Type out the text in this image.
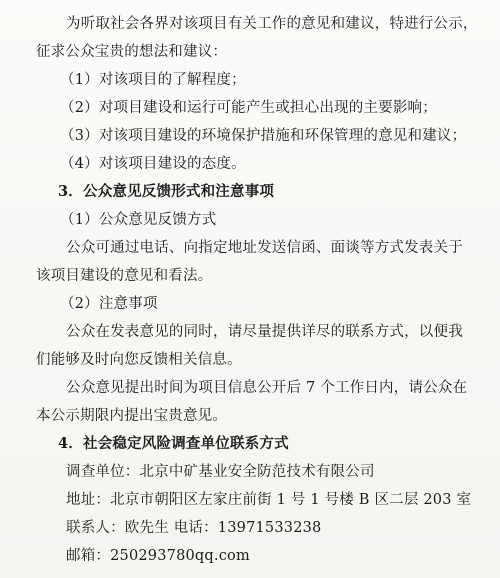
为听取社会各界对该项目有关工作的意见和建议，特进行公示，
征求公众宝贵的想法和建议：
（1）对该项目的了解程度；
（2）对项目建设和运行可能产生或担心出现的主要影响；
（3）对该项目建设的环境保护措施和环保管理的意见和建议；
（4）对该项目建设的态度。
3．公众意见反馈形式和注意事项
（1）公众意见反馈方式
公众可通过电话、向指定地址发送信函、面谈等方式发表关于
该项目建设的意见和看法。
（2）注意事项
公众在发表意见的同时，请尽量提供详尽的联系方式，以便我
们能够及时向您反馈相关信息。
公众意见提出时间为项目信息公开后 7 个工作日内，请公众在
本公示期限内提出宝贵意见。
4．社会稳定风险调查单位联系方式
调查单位：北京中矿基业安全防范技术有限公司
地址：北京市朝阳区左家庄前街 1 号 1 号楼 B 区二层 203 室
联系人：欧先生 电话：13971533238
邮箱：250293780qq.com
